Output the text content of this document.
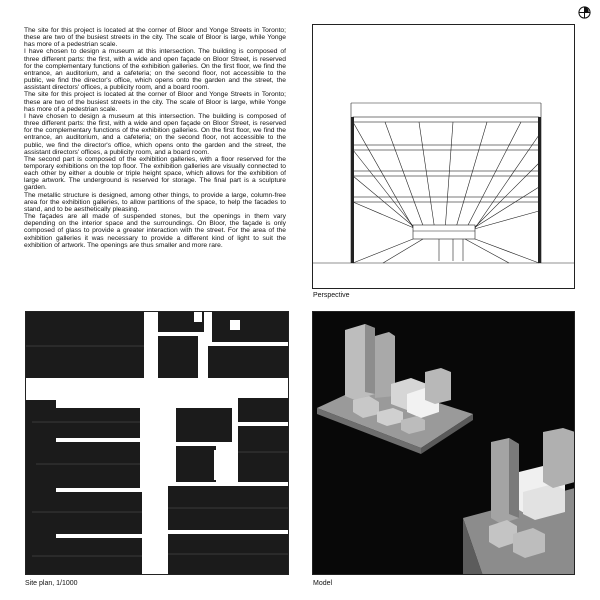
The site for this project is located at the corner of Bloor and Yonge Streets in Toronto; these are two of the busiest streets in the city. The scale of Bloor is large, while Yonge has more of a pedestrian scale.

I have chosen to design a museum at this intersection. The building is composed of three different parts: the first, with a wide and open façade on Bloor Street, is reserved for the complementary functions of the exhibition galleries. On the first floor, we find the entrance, an auditorium, and a cafeteria; on the second floor, not accessible to the public, we find the director's office, which opens onto the garden and the street, the assistant directors' offices, a publicity room, and a board room.

The site for this project is located at the corner of Bloor and Yonge Streets in Toronto; these are two of the busiest streets in the city. The scale of Bloor is large, while Yonge has more of a pedestrian scale.

I have chosen to design a museum at this intersection. The building is composed of three different parts: the first, with a wide and open façade on Bloor Street, is reserved for the complementary functions of the exhibition galleries. On the first floor, we find the entrance, an auditorium, and a cafeteria; on the second floor, not accessible to the public, we find the director's office, which opens onto the garden and the street, the assistant directors' offices, a publicity room, and a board room.

The second part is composed of the exhibition galleries, with a floor reserved for the temporary exhibitions on the top floor. The exhibition galleries are visually connected to each other by either a double or triple height space, which allows for the exhibition of large artwork. The underground is reserved for storage. The final part is a sculpture garden.

The metallic structure is designed, among other things, to provide a large, column-free area for the exhibition galleries, to allow partitions of the space, to help the facades to stand, and to be aesthetically pleasing.

The façades are all made of suspended stones, but the openings in them vary depending on the interior space and the surroundings. On Bloor, the façade is only composed of glass to provide a greater interaction with the street. For the area of the exhibition galleries it was necessary to provide a different kind of light to suit the exhibition of artwork. The openings are thus smaller and more rare.

Perspective
Site plan, 1/1000	Model
